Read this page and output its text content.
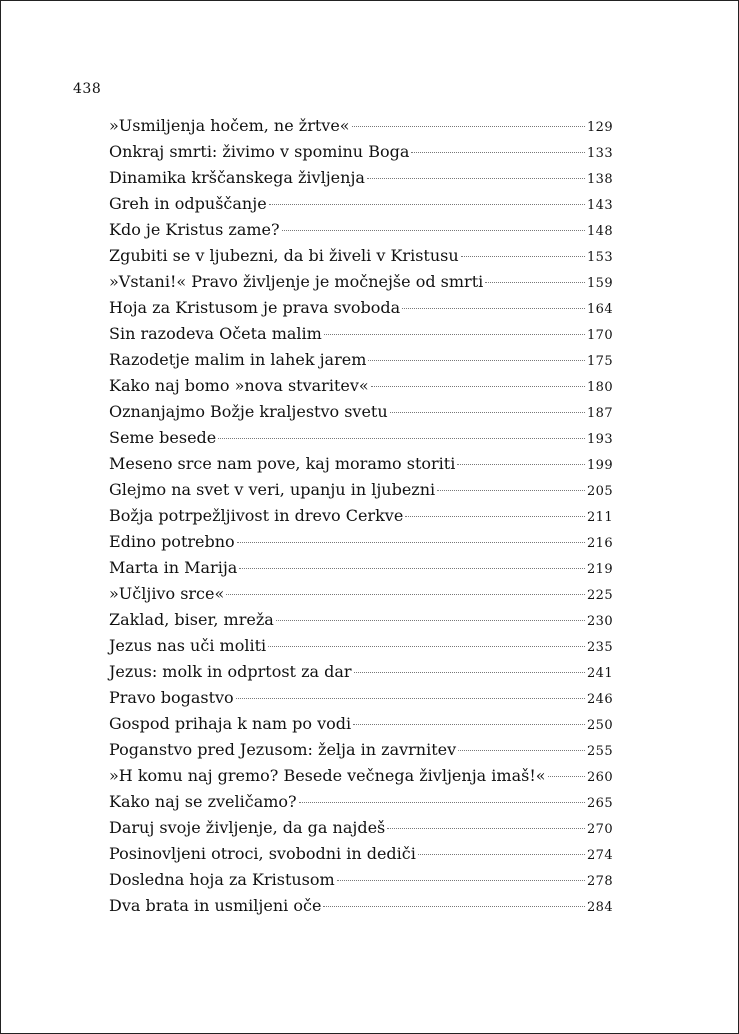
438
»Usmiljenja hočem, ne žrtve«	129
Onkraj smrti: živimo v spominu Boga	133
Dinamika krščanskega življenja	138
Greh in odpuščanje	143
Kdo je Kristus zame?	148
Zgubiti se v ljubezni, da bi živeli v Kristusu	153
»Vstani!« Pravo življenje je močnejše od smrti	159
Hoja za Kristusom je prava svoboda	164
Sin razodeva Očeta malim	170
Razodetje malim in lahek jarem	175
Kako naj bomo »nova stvaritev«	180
Oznanjajmo Božje kraljestvo svetu	187
Seme besede	193
Meseno srce nam pove, kaj moramo storiti	199
Glejmo na svet v veri, upanju in ljubezni	205
Božja potrpežljivost in drevo Cerkve	211
Edino potrebno	216
Marta in Marija	219
»Učljivo srce«	225
Zaklad, biser, mreža	230
Jezus nas uči moliti	235
Jezus: molk in odprtost za dar	241
Pravo bogastvo	246
Gospod prihaja k nam po vodi	250
Poganstvo pred Jezusom: želja in zavrnitev	255
»H komu naj gremo? Besede večnega življenja imaš!«	260
Kako naj se zveličamo?	265
Daruj svoje življenje, da ga najdeš	270
Posinovljeni otroci, svobodni in dediči	274
Dosledna hoja za Kristusom	278
Dva brata in usmiljeni oče	284
